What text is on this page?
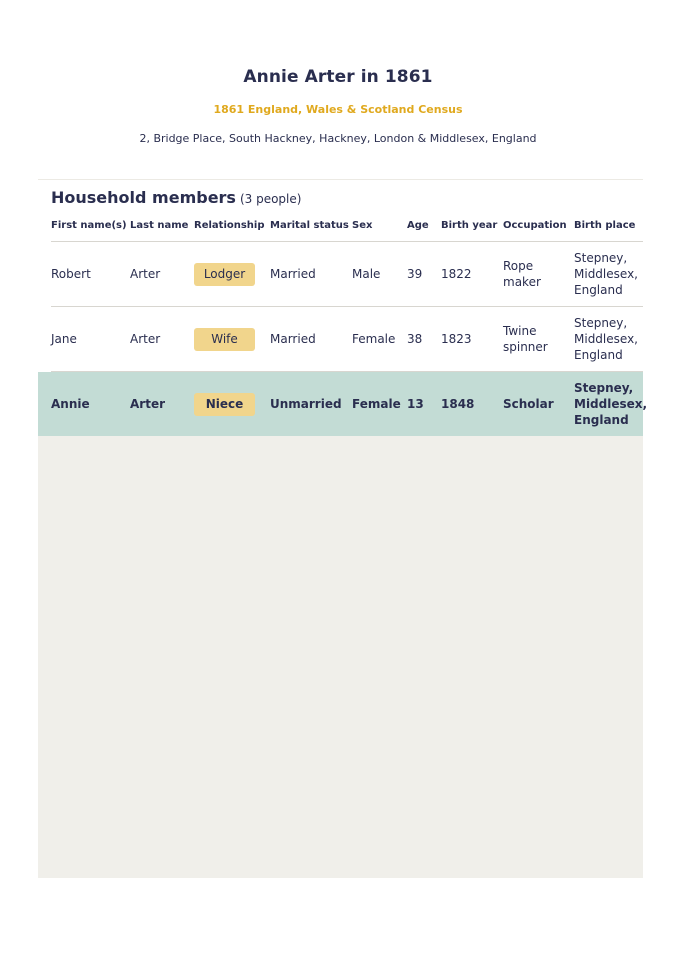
Annie Arter in 1861
1861 England, Wales & Scotland Census
2, Bridge Place, South Hackney, Hackney, London & Middlesex, England
Household members (3 people)
First name(s)	Last name	Relationship	Marital status	Sex	Age	Birth year	Occupation	Birth place
Robert	Arter	Lodger	Married	Male	39	1822	Rope maker	Stepney, Middlesex, England
Jane	Arter	Wife	Married	Female	38	1823	Twine spinner	Stepney, Middlesex, England
Annie	Arter	Niece	Unmarried	Female	13	1848	Scholar	Stepney, Middlesex, England
